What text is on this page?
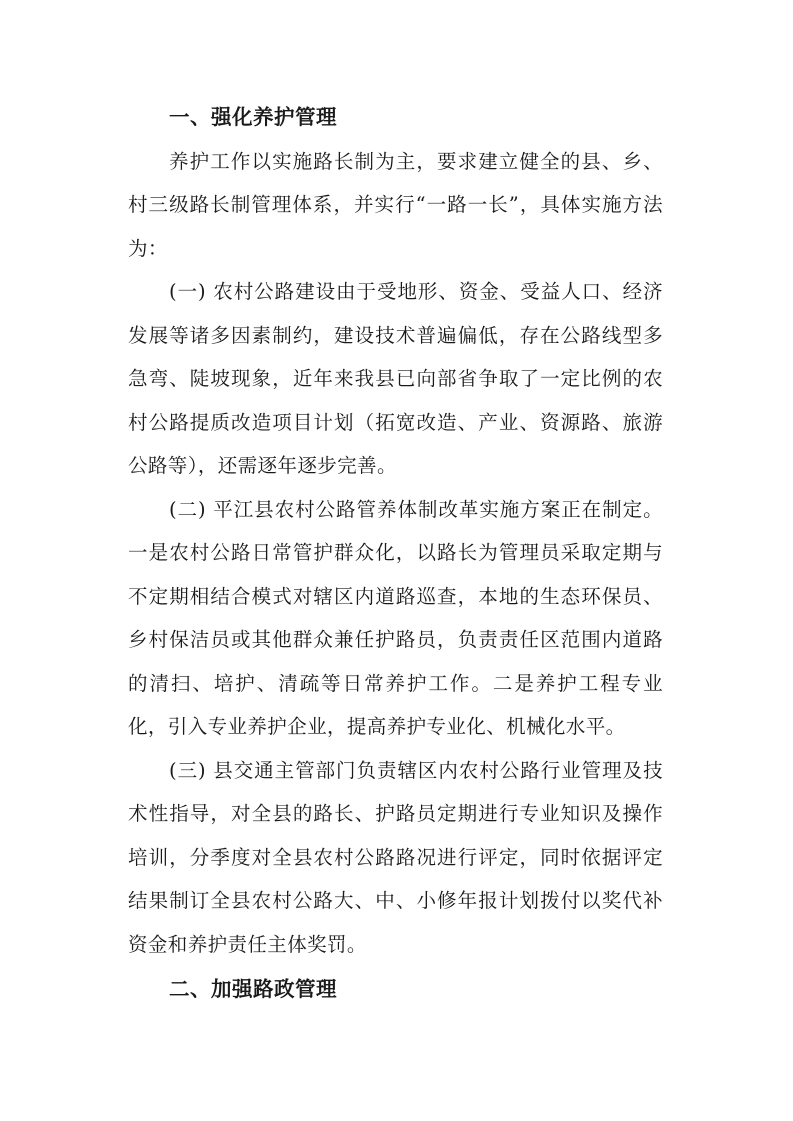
一、强化养护管理

养护工作以实施路长制为主，要求建立健全的县、乡、村三级路长制管理体系，并实行“一路一长”，具体实施方法为：

(一) 农村公路建设由于受地形、资金、受益人口、经济发展等诸多因素制约，建设技术普遍偏低，存在公路线型多急弯、陡坡现象，近年来我县已向部省争取了一定比例的农村公路提质改造项目计划（拓宽改造、产业、资源路、旅游公路等），还需逐年逐步完善。

(二) 平江县农村公路管养体制改革实施方案正在制定。一是农村公路日常管护群众化，以路长为管理员采取定期与不定期相结合模式对辖区内道路巡查，本地的生态环保员、乡村保洁员或其他群众兼任护路员，负责责任区范围内道路的清扫、培护、清疏等日常养护工作。二是养护工程专业化，引入专业养护企业，提高养护专业化、机械化水平。

(三) 县交通主管部门负责辖区内农村公路行业管理及技术性指导，对全县的路长、护路员定期进行专业知识及操作培训，分季度对全县农村公路路况进行评定，同时依据评定结果制订全县农村公路大、中、小修年报计划拨付以奖代补资金和养护责任主体奖罚。

二、加强路政管理
